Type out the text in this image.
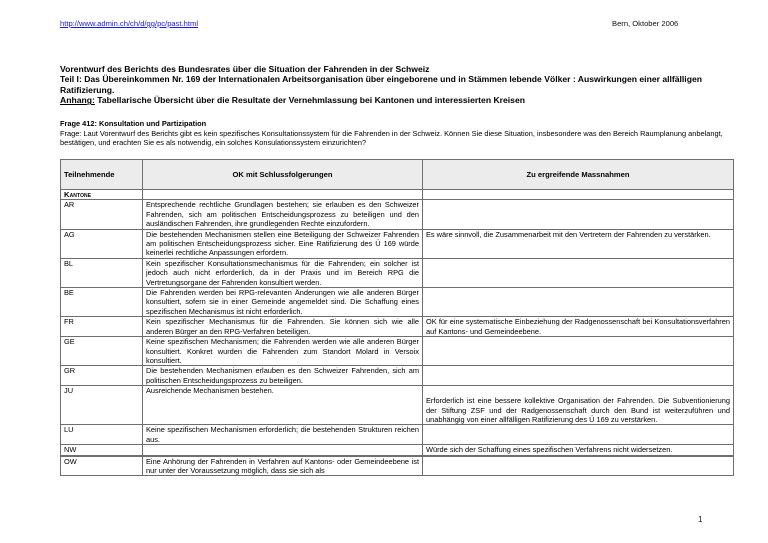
http://www.admin.ch/ch/d/gg/pc/past.html	Bern, Oktober 2006
Vorentwurf des Berichts des Bundesrates über die Situation der Fahrenden in der Schweiz
Teil I: Das Übereinkommen Nr. 169 der Internationalen Arbeitsorganisation über eingeborene und in Stämmen lebende Völker : Auswirkungen einer allfälligen Ratifizierung.
Anhang: Tabellarische Übersicht über die Resultate der Vernehmlassung bei Kantonen und interessierten Kreisen
Frage 412: Konsultation und Partizipation
Frage: Laut Vorentwurf des Berichts gibt es kein spezifisches Konsultationssystem für die Fahrenden in der Schweiz. Können Sie diese Situation, insbesondere was den Bereich Raumplanung anbelangt, bestätigen, und erachten Sie es als notwendig, ein solches Konsulationssystem einzurichten?
Teilnehmende	OK mit Schlussfolgerungen	Zu ergreifende Massnahmen
Kantone		
AR	Entsprechende rechtliche Grundlagen bestehen; sie erlauben es den Schweizer Fahrenden, sich am politischen Entscheidungsprozess zu beteiligen und den ausländischen Fahrenden, ihre grundlegenden Rechte einzufordern.	
AG	Die bestehenden Mechanismen stellen eine Beteiligung der Schweizer Fahrenden am politischen Entscheidungsprozess sicher. Eine Ratifizierung des Ü 169 würde keinerlei rechtliche Anpassungen erfordern.	Es wäre sinnvoll, die Zusammenarbeit mit den Vertretern der Fahrenden zu verstärken.
BL	Kein spezifischer Konsultationsmechanismus für die Fahrenden; ein solcher ist jedoch auch nicht erforderlich, da in der Praxis und im Bereich RPG die Vertretungsorgane der Fahrenden konsultiert werden.	
BE	Die Fahrenden werden bei RPG-relevanten Änderungen wie alle anderen Bürger konsultiert, sofern sie in einer Gemeinde angemeldet sind. Die Schaffung eines spezifischen Mechanismus ist nicht erforderlich.	
FR	Kein spezifischer Mechanismus für die Fahrenden. Sie können sich wie alle anderen Bürger an den RPG-Verfahren beteiligen.	OK für eine systematische Einbeziehung der Radgenossenschaft bei Konsultationsverfahren auf Kantons- und Gemeindeebene.
GE	Keine spezifischen Mechanismen; die Fahrenden werden wie alle anderen Bürger konsultiert. Konkret wurden die Fahrenden zum Standort Molard in Versoix konsultiert.	
GR	Die bestehenden Mechanismen erlauben es den Schweizer Fahrenden, sich am politischen Entscheidungsprozess zu beteiligen.	
JU	Ausreichende Mechanismen bestehen.	Erforderlich ist eine bessere kollektive Organisation der Fahrenden. Die Subventionierung der Stiftung ZSF und der Radgenossenschaft durch den Bund ist weiterzuführen und unabhängig von einer allfälligen Ratifizierung des Ü 169 zu verstärken.
LU	Keine spezifischen Mechanismen erforderlich; die bestehenden Strukturen reichen aus.	
NW		Würde sich der Schaffung eines spezifischen Verfahrens nicht widersetzen.
OW	Eine Anhörung der Fahrenden in Verfahren auf Kantons- oder Gemeindeebene ist nur unter der Voraussetzung möglich, dass sie sich als	
1
